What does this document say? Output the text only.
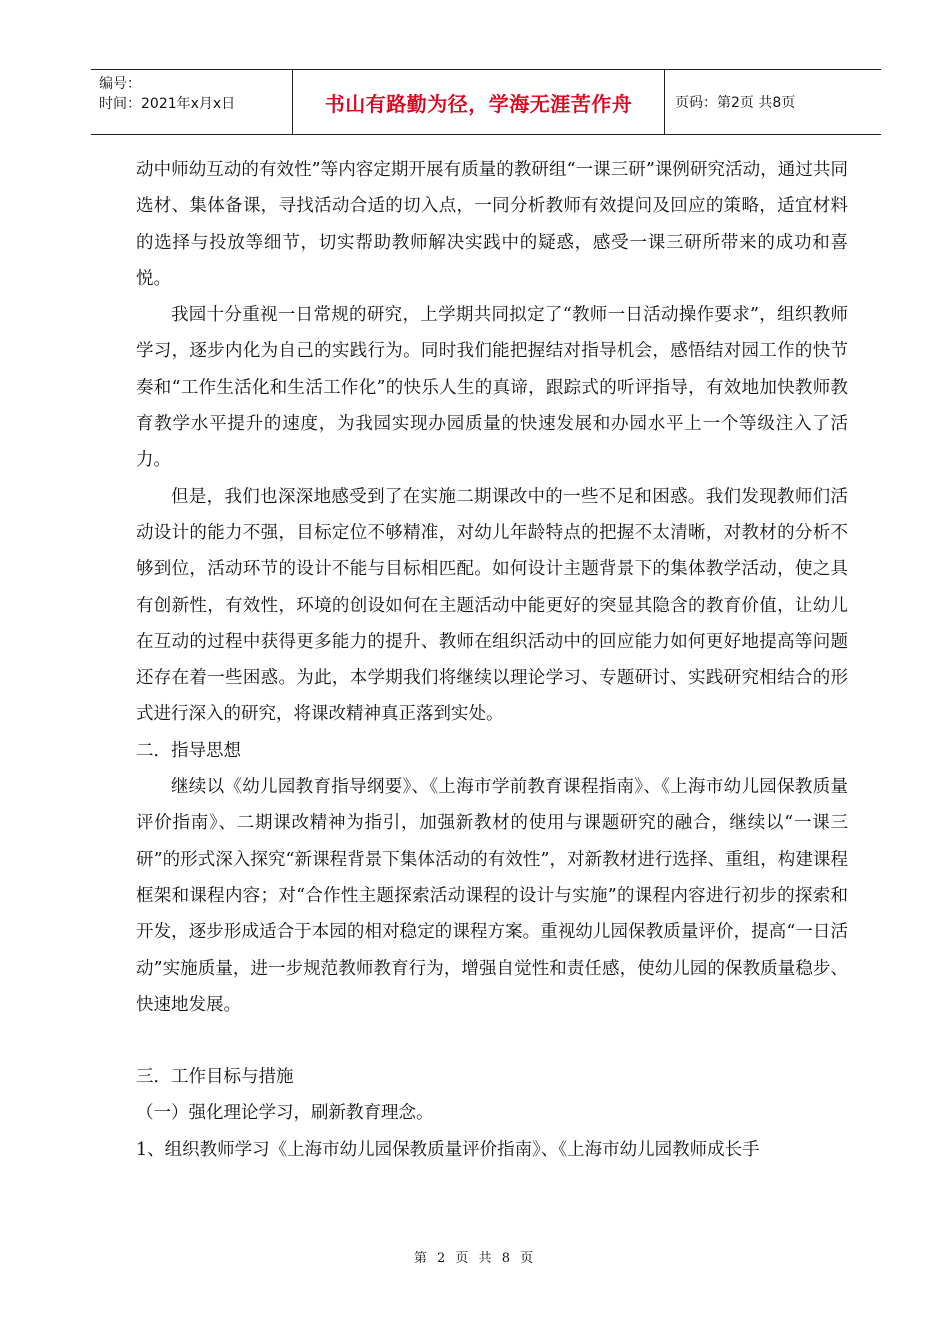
编号：
时间：2021年x月x日	书山有路勤为径，学海无涯苦作舟	页码：第2页 共8页

动中师幼互动的有效性”等内容定期开展有质量的教研组“一课三研”课例研究活动，通过共同选材、集体备课，寻找活动合适的切入点，一同分析教师有效提问及回应的策略，适宜材料的选择与投放等细节，切实帮助教师解决实践中的疑惑，感受一课三研所带来的成功和喜悦。

我园十分重视一日常规的研究，上学期共同拟定了“教师一日活动操作要求”，组织教师学习，逐步内化为自己的实践行为。同时我们能把握结对指导机会，感悟结对园工作的快节奏和“工作生活化和生活工作化”的快乐人生的真谛，跟踪式的听评指导，有效地加快教师教育教学水平提升的速度，为我园实现办园质量的快速发展和办园水平上一个等级注入了活力。

但是，我们也深深地感受到了在实施二期课改中的一些不足和困惑。我们发现教师们活动设计的能力不强，目标定位不够精准，对幼儿年龄特点的把握不太清晰，对教材的分析不够到位，活动环节的设计不能与目标相匹配。如何设计主题背景下的集体教学活动，使之具有创新性，有效性，环境的创设如何在主题活动中能更好的突显其隐含的教育价值，让幼儿在互动的过程中获得更多能力的提升、教师在组织活动中的回应能力如何更好地提高等问题还存在着一些困惑。为此，本学期我们将继续以理论学习、专题研讨、实践研究相结合的形式进行深入的研究，将课改精神真正落到实处。

二．指导思想

继续以《幼儿园教育指导纲要》、《上海市学前教育课程指南》、《上海市幼儿园保教质量评价指南》、二期课改精神为指引，加强新教材的使用与课题研究的融合，继续以“一课三研”的形式深入探究“新课程背景下集体活动的有效性”，对新教材进行选择、重组，构建课程框架和课程内容；对“合作性主题探索活动课程的设计与实施”的课程内容进行初步的探索和开发，逐步形成适合于本园的相对稳定的课程方案。重视幼儿园保教质量评价，提高“一日活动”实施质量，进一步规范教师教育行为，增强自觉性和责任感，使幼儿园的保教质量稳步、快速地发展。

三．工作目标与措施

（一）强化理论学习，刷新教育理念。

1、组织教师学习《上海市幼儿园保教质量评价指南》、《上海市幼儿园教师成长手

第 2 页 共 8 页
